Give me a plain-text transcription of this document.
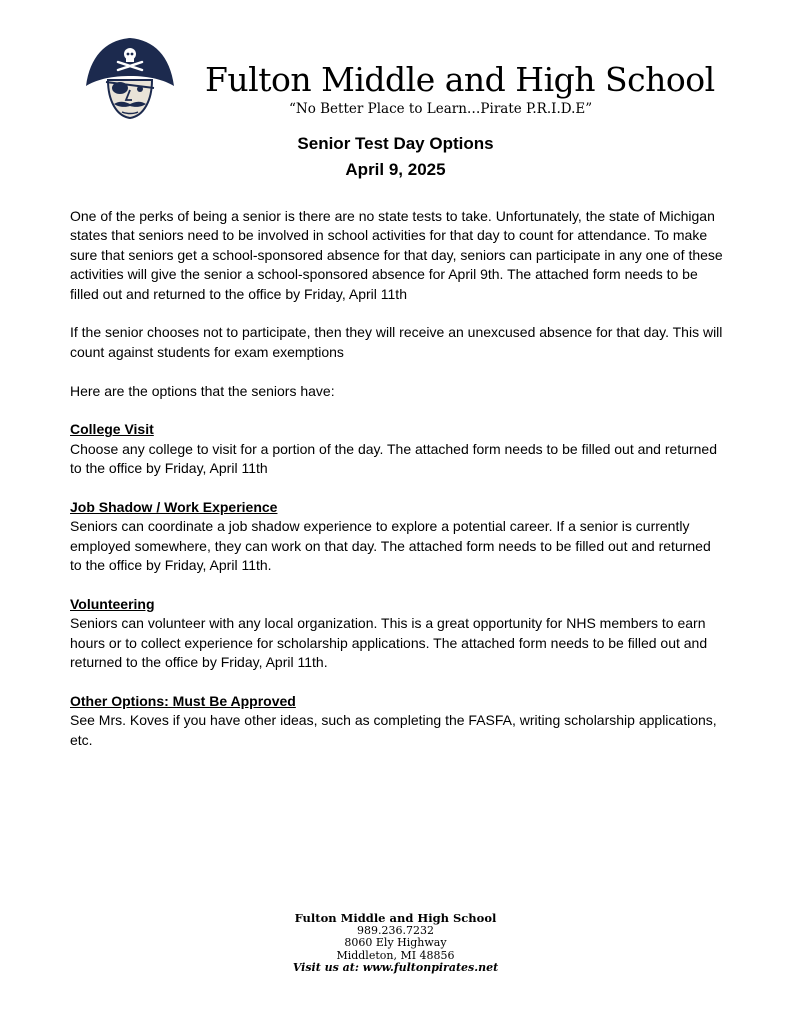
Fulton Middle and High School
“No Better Place to Learn…Pirate P.R.I.D.E”

Senior Test Day Options

April 9, 2025

One of the perks of being a senior is there are no state tests to take. Unfortunately, the state of Michigan states that seniors need to be involved in school activities for that day to count for attendance. To make sure that seniors get a school-sponsored absence for that day, seniors can participate in any one of these activities will give the senior a school-sponsored absence for April 9th. The attached form needs to be filled out and returned to the office by Friday, April 11th

If the senior chooses not to participate, then they will receive an unexcused absence for that day. This will count against students for exam exemptions

Here are the options that the seniors have:

College Visit

Choose any college to visit for a portion of the day. The attached form needs to be filled out and returned to the office by Friday, April 11th

Job Shadow / Work Experience

Seniors can coordinate a job shadow experience to explore a potential career. If a senior is currently employed somewhere, they can work on that day. The attached form needs to be filled out and returned to the office by Friday, April 11th.

Volunteering

Seniors can volunteer with any local organization. This is a great opportunity for NHS members to earn hours or to collect experience for scholarship applications. The attached form needs to be filled out and returned to the office by Friday, April 11th.

Other Options: Must Be Approved

See Mrs. Koves if you have other ideas, such as completing the FASFA, writing scholarship applications, etc.

Fulton Middle and High School
989.236.7232
8060 Ely Highway
Middleton, MI 48856
Visit us at: www.fultonpirates.net
